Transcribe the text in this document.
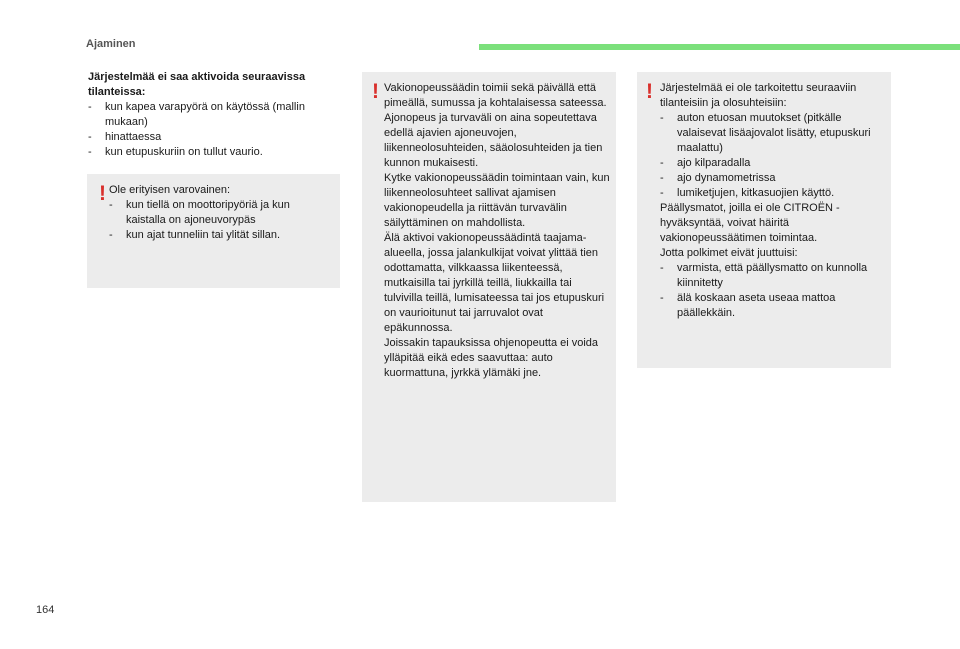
Ajaminen

Järjestelmää ei saa aktivoida seuraavissa
tilanteissa:

- kun kapea varapyörä on käytössä (mallin mukaan)
- hinattaessa
- kun etupuskuriin on tullut vaurio.
! Ole erityisen varovainen:

- kun tiellä on moottoripyöriä ja kun kaistalla on ajoneuvorypäs
- kun ajat tunneliin tai ylität sillan.
! Vakionopeussäädin toimii sekä päivällä että pimeällä, sumussa ja kohtalaisessa sateessa.

Ajonopeus ja turvaväli on aina sopeutettava edellä ajavien ajoneuvojen, liikenneolosuhteiden, sääolosuhteiden ja tien kunnon mukaisesti.

Kytke vakionopeussäädin toimintaan vain, kun liikenneolosuhteet sallivat ajamisen vakionopeudella ja riittävän turvavälin säilyttäminen on mahdollista.

Älä aktivoi vakionopeussäädintä taajama-alueella, jossa jalankulkijat voivat ylittää tien odottamatta, vilkkaassa liikenteessä, mutkaisilla tai jyrkillä teillä, liukkailla tai tulvivilla teillä, lumisateessa tai jos etupuskuri on vaurioitunut tai jarruvalot ovat epäkunnossa.

Joissakin tapauksissa ohjenopeutta ei voida ylläpitää eikä edes saavuttaa: auto kuormattuna, jyrkkä ylämäki jne.

! Järjestelmää ei ole tarkoitettu seuraaviin tilanteisiin ja olosuhteisiin:

- auton etuosan muutokset (pitkälle valaisevat lisäajovalot lisätty, etupuskuri maalattu)
- ajo kilparadalla
- ajo dynamometrissa
- lumiketjujen, kitkasuojien käyttö.

Päällysmatot, joilla ei ole CITROËN -hyväksyntää, voivat häiritä vakionopeussäätimen toimintaa.

Jotta polkimet eivät juuttuisi:

- varmista, että päällysmatto on kunnolla kiinnitetty
- älä koskaan aseta useaa mattoa päällekkäin.
164
